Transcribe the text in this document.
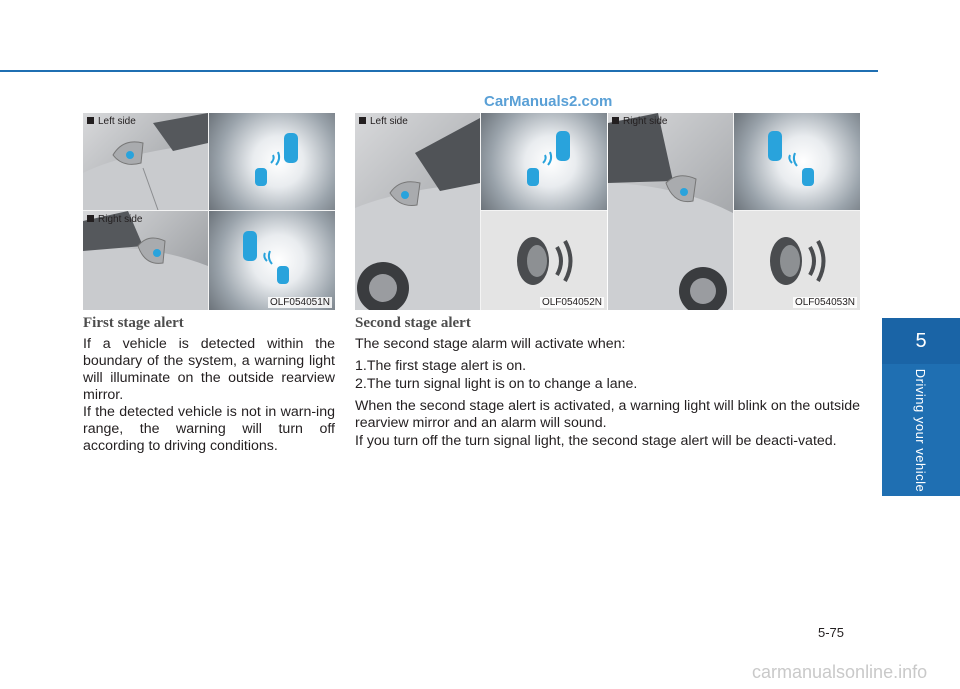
CarManuals2.com
Left side
Right side
OLF054051N
Left side
OLF054052N
Right side
OLF054053N
First stage alert

If a vehicle is detected within the boundary of the system, a warning light will illuminate on the outside rearview mirror.

If the detected vehicle is not in warn-ing range, the warning will turn off according to driving conditions.

Second stage alert

The second stage alarm will activate when:

1.The first stage alert is on.

2.The turn signal light is on to change a lane.

When the second stage alert is activated, a warning light will blink on the outside rearview mirror and an alarm will sound.

If you turn off the turn signal light, the second stage alert will be deacti-vated.

5
Driving your vehicle
5-75
carmanualsonline.info
